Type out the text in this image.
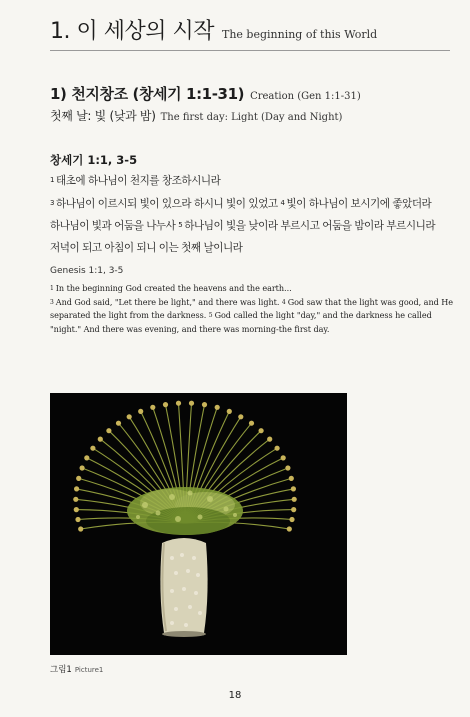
1. 이 세상의 시작 The beginning of this World
1) 천지창조 (창세기 1:1-31) Creation (Gen 1:1-31)
첫째 날: 빛 (낮과 밤) The first day: Light (Day and Night)
창세기 1:1, 3-5
1 태초에 하나님이 천지를 창조하시니라
3 하나님이 이르시되 빛이 있으라 하시니 빛이 있었고 4 빛이 하나님이 보시기에 좋았더라 하나님이 빛과 어둠을 나누사 5 하나님이 빛을 낮이라 부르시고 어둠을 밤이라 부르시니라 저녁이 되고 아침이 되니 이는 첫째 날이니라
Genesis 1:1, 3-5
1 In the beginning God created the heavens and the earth...
3 And God said, "Let there be light," and there was light. 4 God saw that the light was good, and He separated the light from the darkness. 5 God called the light "day," and the darkness he called "night." And there was evening, and there was morning-the first day.
그림1 Picture1
18
